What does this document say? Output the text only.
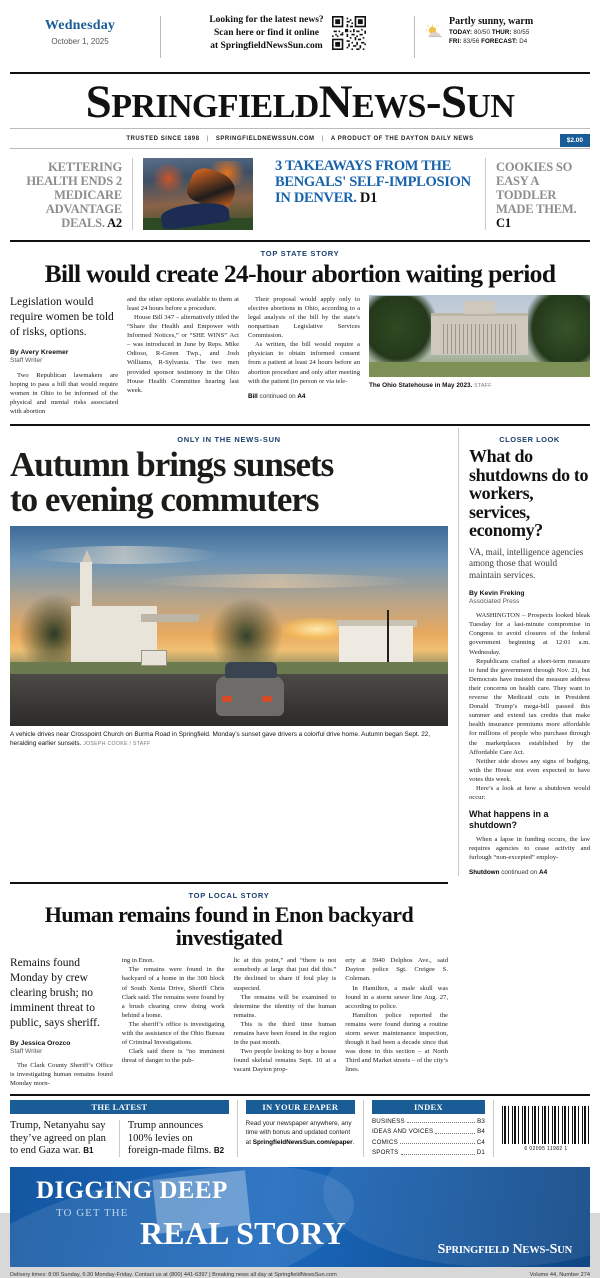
Wednesday
October 1, 2025
Looking for the latest news?
Scan here or find it online
at SpringfieldNewsSun.com
Partly sunny, warm
TODAY: 80/50 THUR: 80/55
FRI: 83/56 FORECAST: D4
SPRINGFIELDNEWS-SUN
TRUSTED SINCE 1898 | SPRINGFIELDNEWSSUN.COM | A PRODUCT OF THE DAYTON DAILY NEWS	$2.00
KETTERING HEALTH ENDS 2 MEDICARE ADVANTAGE DEALS. A2
3 TAKEAWAYS FROM THE BENGALS' SELF-IMPLOSION IN DENVER. D1
COOKIES SO EASY A TODDLER MADE THEM. C1
TOP STATE STORY
Bill would create 24-hour abortion waiting period
Legislation would require women be told of risks, options.
By Avery Kreemer
Staff Writer

Two Republican lawmakers are hoping to pass a bill that would require women in Ohio to be informed of the physical and mental risks associated with abortion

and the other options available to them at least 24 hours before a procedure.

House Bill 347 – alternatively titled the “Share the Health and Empower with Informed Notices,” or “SHE WINS” Act – was introduced in June by Reps. Mike Odioso, R-Green Twp., and Josh Williams, R-Sylvania. The two men provided sponsor testimony in the Ohio House Health Committee hearing last week.

Their proposal would apply only to elective abortions in Ohio, according to a legal analysis of the bill by the state’s nonpartisan Legislative Services Commission.

As written, the bill would require a physician to obtain informed consent from a patient at least 24 hours before an abortion procedure and only after meeting with the patient (in person or via tele-

Bill continued on A4
The Ohio Statehouse in May 2023. STAFF
ONLY IN THE NEWS-SUN
Autumn brings sunsets
to evening commuters
A vehicle drives near Crosspoint Church on Burma Road in Springfield. Monday’s sunset gave drivers a colorful drive home. Autumn began Sept. 22, heralding earlier sunsets. JOSEPH COOKE / STAFF
CLOSER LOOK
What do shutdowns do to workers, services, economy?
VA, mail, intelligence agencies among those that would maintain services.
By Kevin Freking
Associated Press

WASHINGTON – Prospects looked bleak Tuesday for a last-minute compromise in Congress to avoid closures of the federal government beginning at 12:01 a.m. Wednesday.

Republicans crafted a short-term measure to fund the government through Nov. 21, but Democrats have insisted the measure address their concerns on health care. They want to reverse the Medicaid cuts in President Donald Trump’s mega-bill passed this summer and extend tax credits that make health insurance premiums more affordable for millions of people who purchase through the marketplaces established by the Affordable Care Act.

Neither side shows any signs of budging, with the House not even expected to have votes this week.

Here’s a look at how a shutdown would occur:

What happens in a shutdown?

When a lapse in funding occurs, the law requires agencies to cease activity and furlough “non-excepted” employ-

Shutdown continued on A4
TOP LOCAL STORY
Human remains found in Enon backyard investigated
Remains found Monday by crew clearing brush; no imminent threat to public, says sheriff.
By Jessica Orozco
Staff Writer

The Clark County Sheriff’s Office is investigating human remains found Monday morn-

ing in Enon.

The remains were found in the backyard of a home in the 300 block of South Xenia Drive, Sheriff Chris Clark said. The remains were found by a brush clearing crew doing work behind a home.

The sheriff’s office is investigating with the assistance of the Ohio Bureau of Criminal Investigations.

Clark said there is “no imminent threat of danger to the pub-

lic at this point,” and “there is not somebody at large that just did this.” He declined to share if foul play is suspected.

The remains will be examined to determine the identity of the human remains.

This is the third time human remains have been found in the region in the past month.

Two people looking to buy a house found skeletal remains Sept. 10 at a vacant Dayton prop-

erty at 3940 Delphos Ave., said Dayton police Sgt. Creigee S. Coleman.

In Hamilton, a male skull was found in a storm sewer line Aug. 27, according to police.

Hamilton police reported the remains were found during a routine storm sewer maintenance inspection, though it had been a decade since that was done in this section – at North Third and Market streets – of the city’s lines.

THE LATEST
Trump, Netanyahu say they’ve agreed on plan to end Gaza war. B1
Trump announces 100% levies on foreign-made films. B2
IN YOUR EPAPER
Read your newspaper anywhere, any time with bonus and updated content at SpringfieldNewsSun.com/epaper.
INDEX
BUSINESS	B3
IDEAS AND VOICES	B4
COMICS	C4
SPORTS	D1
6 02095 11982 1
DIGGING DEEP
TO GET THE
REAL STORY	SPRINGFIELD NEWS-SUN
Delivery times: 8:00 Sunday, 6:30 Monday-Friday. Contact us at (800) 441-6397 | Breaking news all day at SpringfieldNewsSun.com	Volume 44, Number 274
